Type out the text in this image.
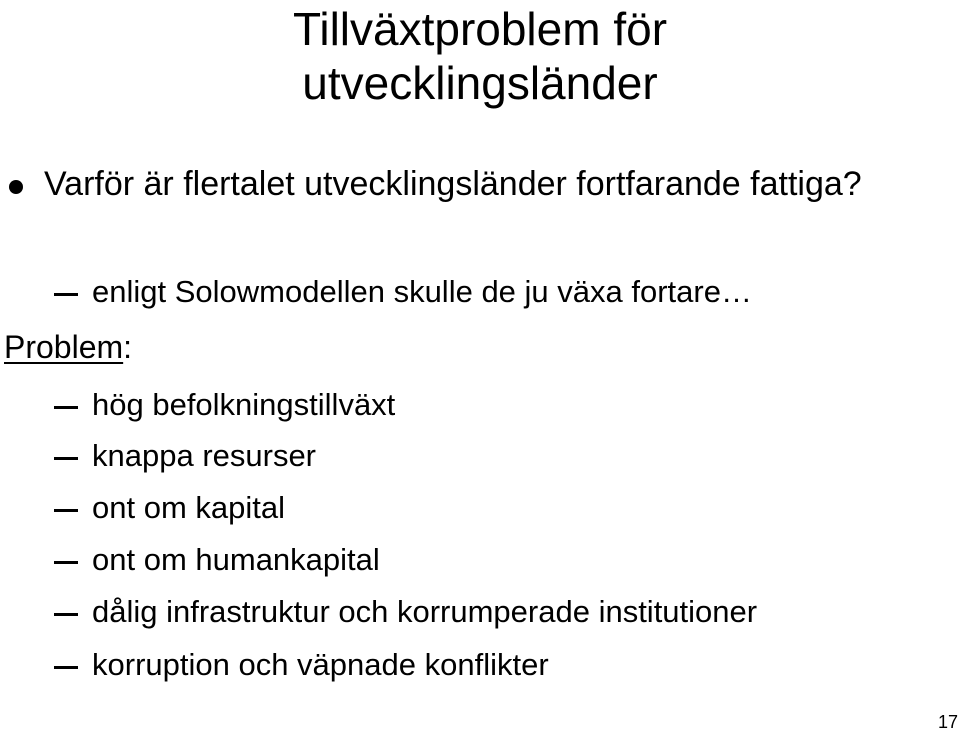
Tillväxtproblem för
utvecklingsländer
Varför är flertalet utvecklingsländer fortfarande fattiga?
enligt Solowmodellen skulle de ju växa fortare…
Problem:
hög befolkningstillväxt
knappa resurser
ont om kapital
ont om humankapital
dålig infrastruktur och korrumperade institutioner
korruption och väpnade konflikter
17
